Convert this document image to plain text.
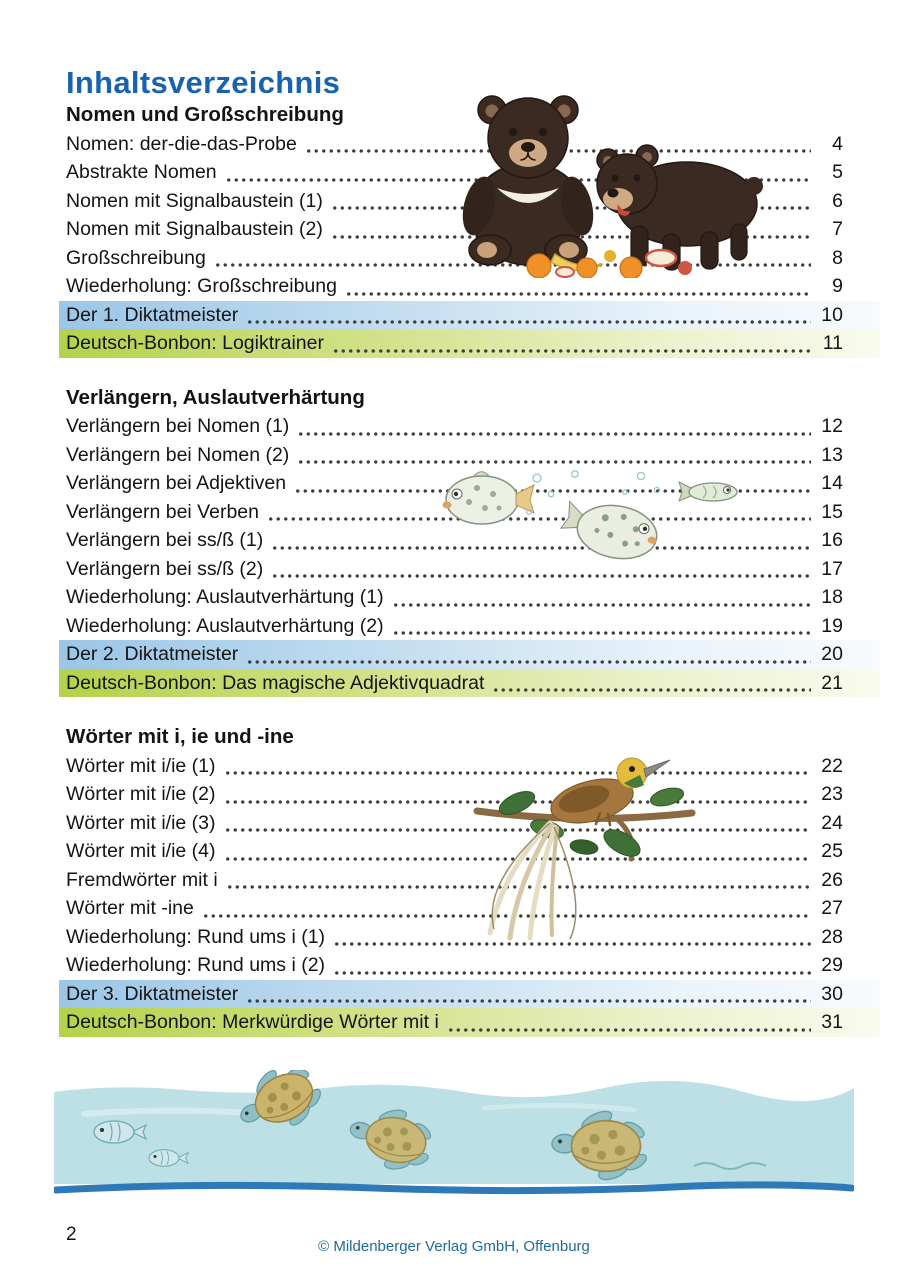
Inhaltsverzeichnis
Nomen und Großschreibung
Nomen: der-die-das-Probe	4
Abstrakte Nomen	5
Nomen mit Signalbaustein (1)	6
Nomen mit Signalbaustein (2)	7
Großschreibung	8
Wiederholung: Großschreibung	9
Der 1. Diktatmeister	10
Deutsch-Bonbon: Logiktrainer	11
Verlängern, Auslautverhärtung
Verlängern bei Nomen (1)	12
Verlängern bei Nomen (2)	13
Verlängern bei Adjektiven	14
Verlängern bei Verben	15
Verlängern bei ss/ß (1)	16
Verlängern bei ss/ß (2)	17
Wiederholung: Auslautverhärtung (1)	18
Wiederholung: Auslautverhärtung (2)	19
Der 2. Diktatmeister	20
Deutsch-Bonbon: Das magische Adjektivquadrat	21
Wörter mit i, ie und -ine
Wörter mit i/ie (1)	22
Wörter mit i/ie (2)	23
Wörter mit i/ie (3)	24
Wörter mit i/ie (4)	25
Fremdwörter mit i	26
Wörter mit -ine	27
Wiederholung: Rund ums i (1)	28
Wiederholung: Rund ums i (2)	29
Der 3. Diktatmeister	30
Deutsch-Bonbon: Merkwürdige Wörter mit i	31
2
© Mildenberger Verlag GmbH, Offenburg
